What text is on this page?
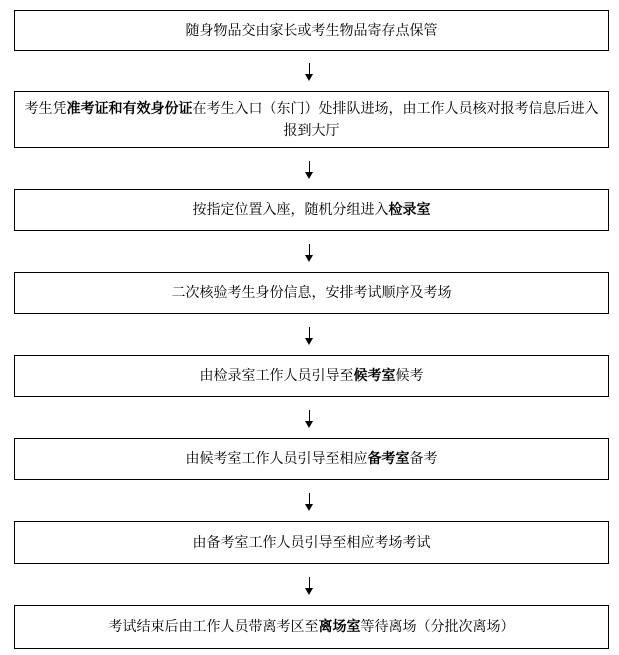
随身物品交由家长或考生物品寄存点保管
考生凭准考证和有效身份证在考生入口（东门）处排队进场，由工作人员核对报考信息后进入报到大厅
按指定位置入座，随机分组进入检录室
二次核验考生身份信息，安排考试顺序及考场
由检录室工作人员引导至候考室候考
由候考室工作人员引导至相应备考室备考
由备考室工作人员引导至相应考场考试
考试结束后由工作人员带离考区至离场室等待离场（分批次离场）
